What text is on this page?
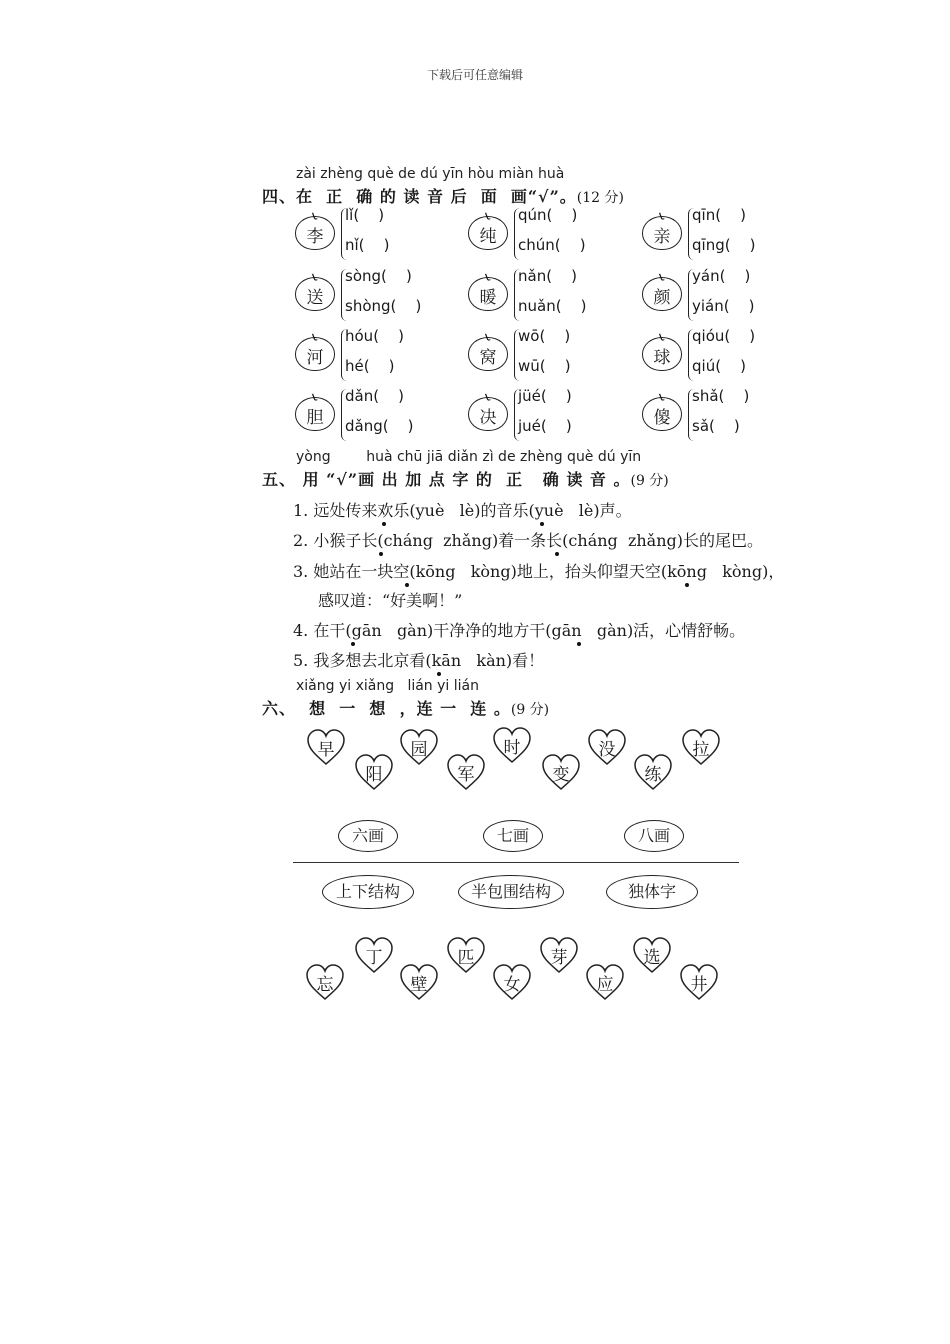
下载后可任意编辑
zài zhèng què de dú yīn hòu miàn huà
四、在  正  确 的 读 音 后  面  画“√”。(12 分)
ɩ
李
lǐ(    )
nǐ(    )
ɩ
纯
qún(    )
chún(    )
ɩ
亲
qīn(    )
qīng(    )
ɩ
送
sòng(    )
shòng(    )
ɩ
暖
nǎn(    )
nuǎn(    )
ɩ
颜
yán(    )
yián(    )
ɩ
河
hóu(    )
hé(    )
ɩ
窝
wō(    )
wū(    )
ɩ
球
qióu(    )
qiú(    )
ɩ
胆
dǎn(    )
dǎng(    )
ɩ
决
jüé(    )
jué(    )
ɩ
傻
shǎ(    )
sǎ(    )
yòng        huà chū jiā diǎn zì de zhèng què dú yīn
五、 用 “√”画 出 加 点 字 的  正   确 读 音 。(9 分)
1. 远处传来欢乐(yuè   lè)的音乐(yuè   lè)声。
2. 小猴子长(cháng  zhǎng)着一条长(cháng  zhǎng)长的尾巴。
3. 她站在一块空(kōng   kòng)地上，抬头仰望天空(kōng   kòng)，
感叹道：“好美啊！”
4. 在干(gān   gàn)干净净的地方干(gān   gàn)活，心情舒畅。
5. 我多想去北京看(kān   kàn)看！
xiǎng yi xiǎng   lián yi lián
六、  想  一  想  ，连 一  连 。(9 分)
早
阳
园
军
时
变
没
练
拉
六画	七画	八画
上下结构	半包围结构	独体字
忘
丁
壁
匹
女
芽
应
选
井
